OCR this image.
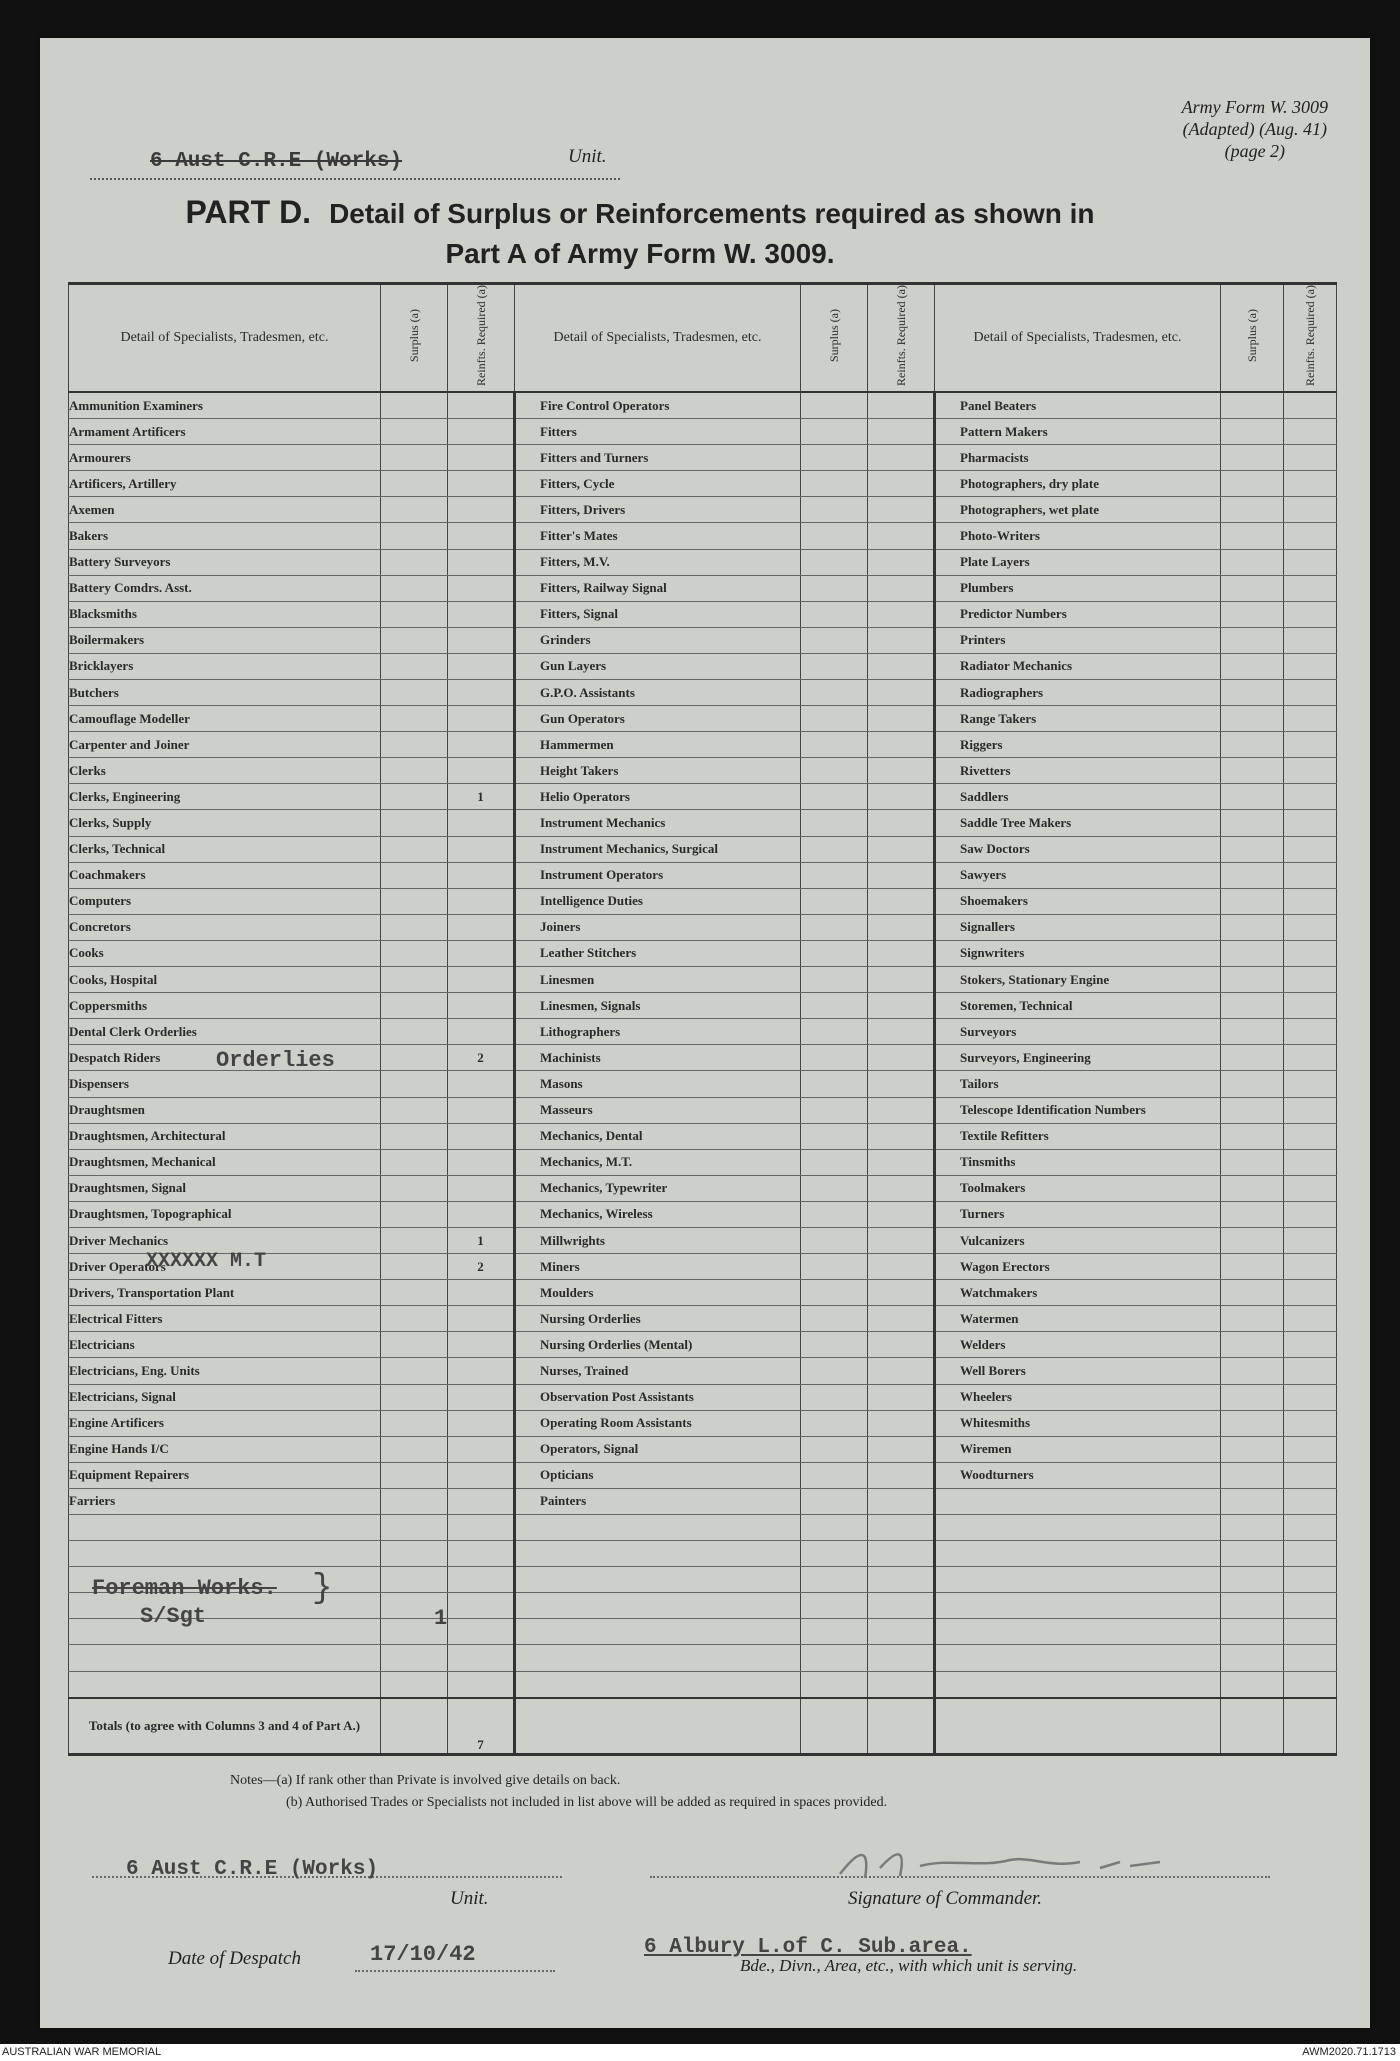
Army Form W. 3009
(Adapted) (Aug. 41)
(page 2)
6 Aust C.R.E (Works)	Unit.
PART D. Detail of Surplus or Reinforcements required as shown in
Part A of Army Form W. 3009.
Detail of Specialists, Tradesmen, etc.	Surplus (a)	Reinfts. Required (a)	Detail of Specialists, Tradesmen, etc.	Surplus (a)	Reinfts. Required (a)	Detail of Specialists, Tradesmen, etc.	Surplus (a)	Reinfts. Required (a)
Ammunition Examiners			Fire Control Operators			Panel Beaters		
Armament Artificers			Fitters			Pattern Makers		
Armourers			Fitters and Turners			Pharmacists		
Artificers, Artillery			Fitters, Cycle			Photographers, dry plate		
Axemen			Fitters, Drivers			Photographers, wet plate		
Bakers			Fitter's Mates			Photo-Writers		
Battery Surveyors			Fitters, M.V.			Plate Layers		
Battery Comdrs. Asst.			Fitters, Railway Signal			Plumbers		
Blacksmiths			Fitters, Signal			Predictor Numbers		
Boilermakers			Grinders			Printers		
Bricklayers			Gun Layers			Radiator Mechanics		
Butchers			G.P.O. Assistants			Radiographers		
Camouflage Modeller			Gun Operators			Range Takers		
Carpenter and Joiner			Hammermen			Riggers		
Clerks			Height Takers			Rivetters		
Clerks, Engineering		1	Helio Operators			Saddlers		
Clerks, Supply			Instrument Mechanics			Saddle Tree Makers		
Clerks, Technical			Instrument Mechanics, Surgical			Saw Doctors		
Coachmakers			Instrument Operators			Sawyers		
Computers			Intelligence Duties			Shoemakers		
Concretors			Joiners			Signallers		
Cooks			Leather Stitchers			Signwriters		
Cooks, Hospital			Linesmen			Stokers, Stationary Engine		
Coppersmiths			Linesmen, Signals			Storemen, Technical		
Dental Clerk Orderlies			Lithographers			Surveyors		
Despatch Riders		2	Machinists			Surveyors, Engineering		
Dispensers			Masons			Tailors		
Draughtsmen			Masseurs			Telescope Identification Numbers		
Draughtsmen, Architectural			Mechanics, Dental			Textile Refitters		
Draughtsmen, Mechanical			Mechanics, M.T.			Tinsmiths		
Draughtsmen, Signal			Mechanics, Typewriter			Toolmakers		
Draughtsmen, Topographical			Mechanics, Wireless			Turners		
Driver Mechanics		1	Millwrights			Vulcanizers		
Driver Operators		2	Miners			Wagon Erectors		
Drivers, Transportation Plant			Moulders			Watchmakers		
Electrical Fitters			Nursing Orderlies			Watermen		
Electricians			Nursing Orderlies (Mental)			Welders		
Electricians, Eng. Units			Nurses, Trained			Well Borers		
Electricians, Signal			Observation Post Assistants			Wheelers		
Engine Artificers			Operating Room Assistants			Whitesmiths		
Engine Hands I/C			Operators, Signal			Wiremen		
Equipment Repairers			Opticians			Woodturners		
Farriers			Painters					

Totals (to agree with Columns 3 and 4 of Part A.)		7						
Orderlies
XXXXXX M.T
Foreman Works.
S/Sgt
}
1
Notes—(a) If rank other than Private is involved give details on back.
(b) Authorised Trades or Specialists not included in list above will be added as required in spaces provided.
6 Aust C.R.E (Works)
Unit.	Signature of Commander.
Date of Despatch	17/10/42	6 Albury L.of C. Sub.area.
Bde., Divn., Area, etc., with which unit is serving.
AUSTRALIAN WAR MEMORIAL	AWM2020.71.1713
